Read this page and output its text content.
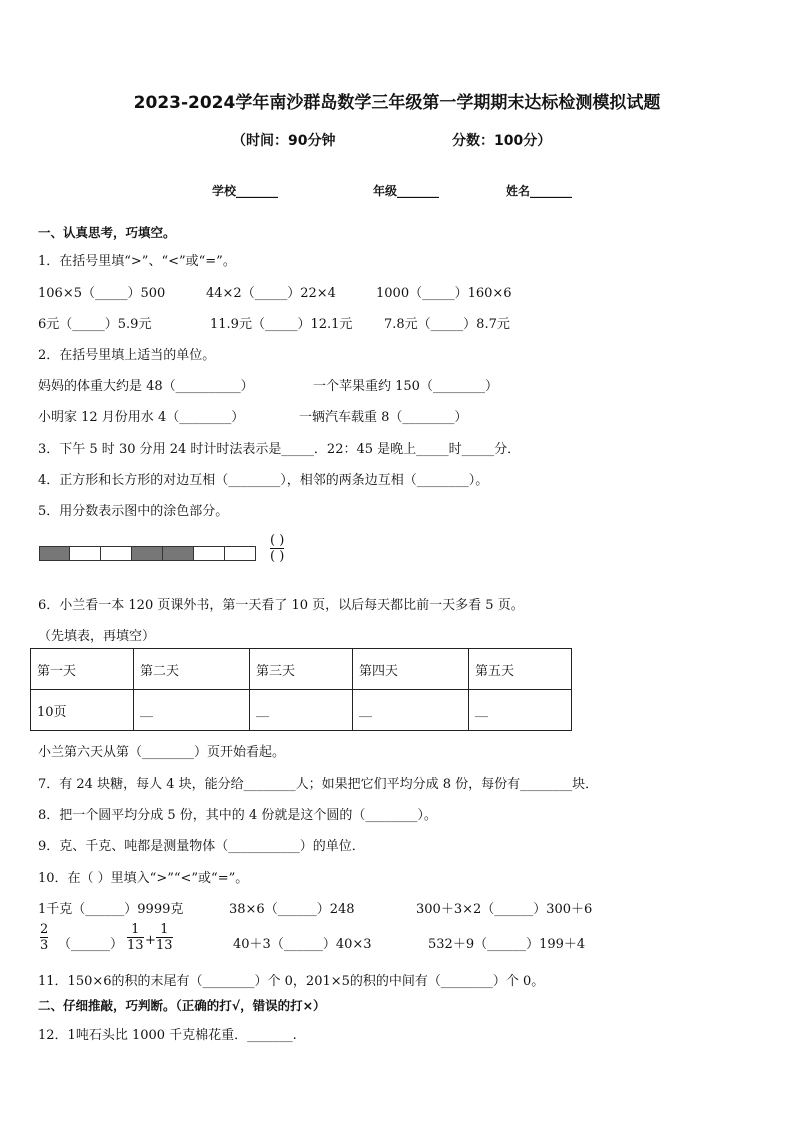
2023-2024学年南沙群岛数学三年级第一学期期末达标检测模拟试题
（时间：90分钟	分数：100分）
学校_______	年级_______	姓名_______
一、认真思考，巧填空。
1．在括号里填“>”、“<”或“=”。
106×5（_____）500	44×2（_____）22×4	1000（_____）160×6
6元（_____）5.9元	11.9元（_____）12.1元 7.8元（_____）8.7元
2．在括号里填上适当的单位。
妈妈的体重大约是 48（__________）	一个苹果重约 150（________）
小明家 12 月份用水 4（________）	一辆汽车载重 8（________）
3．下午 5 时 30 分用 24 时计时法表示是_____．22：45 是晚上_____时_____分．
4．正方形和长方形的对边互相（________），相邻的两条边互相（________）。
5．用分数表示图中的涂色部分。
( )
( )
6．小兰看一本 120 页课外书，第一天看了 10 页，以后每天都比前一天多看 5 页。
（先填表，再填空）
第一天	第二天	第三天	第四天	第五天
10页	__	__	__	__
小兰第六天从第（________）页开始看起。
7．有 24 块糖，每人 4 块，能分给________人；如果把它们平均分成 8 份，每份有________块．
8．把一个圆平均分成 5 份，其中的 4 份就是这个圆的（________）。
9．克、千克、吨都是测量物体（___________）的单位．
10．在（ ）里填入“>”“<”或“=”。
1千克（______）9999克	38×6（______）248	300＋3×2（______）300＋6
2
3 （______）
1
13 +
1
13	40＋3（______）40×3	532＋9（______）199＋4
11．150×6的积的末尾有（________）个 0，201×5的积的中间有（________）个 0。
二、仔细推敲，巧判断。（正确的打√，错误的打×）
12．1吨石头比 1000 千克棉花重．_______.
